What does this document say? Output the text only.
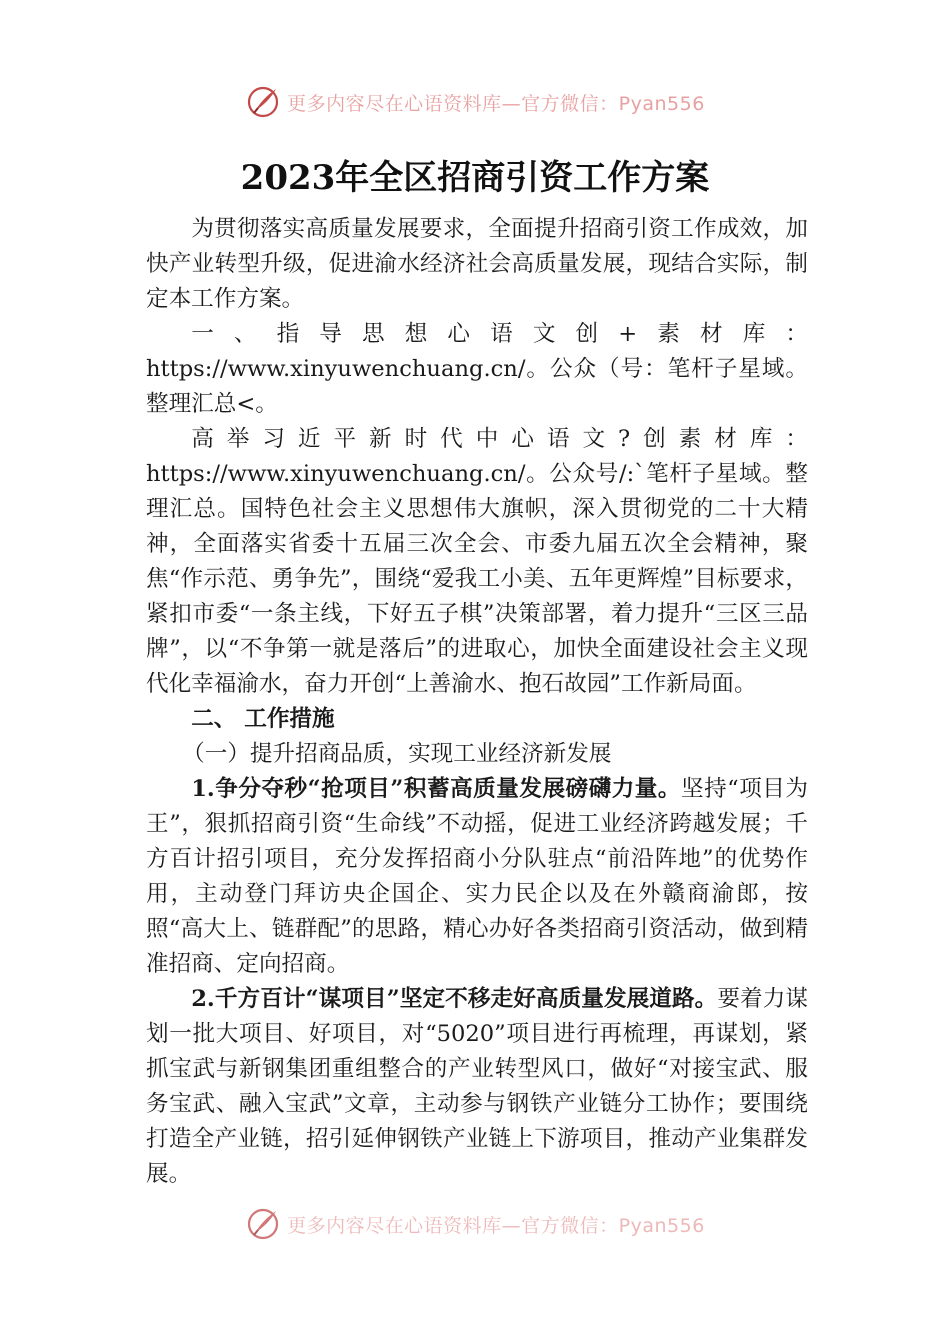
更多内容尽在心语资料库—官方微信：Pyan556
2023年全区招商引资工作方案

为贯彻落实高质量发展要求，全面提升招商引资工作成效，加快产业转型升级，促进渝水经济社会高质量发展，现结合实际，制定本工作方案。

一、指导思想心语文创+素材库：https://www.xinyuwenchuang.cn/。公众（号：笔杆子星域。整理汇总<。

高举习近平新时代中心语文?创素材库：https://www.xinyuwenchuang.cn/。公众号/:`笔杆子星域。整理汇总。国特色社会主义思想伟大旗帜，深入贯彻党的二十大精神，全面落实省委十五届三次全会、市委九届五次全会精神，聚焦“作示范、勇争先”，围绕“爱我工小美、五年更辉煌”目标要求，紧扣市委“一条主线，下好五子棋”决策部署，着力提升“三区三品牌”，以“不争第一就是落后”的进取心，加快全面建设社会主义现代化幸福渝水，奋力开创“上善渝水、抱石故园”工作新局面。

二、 工作措施

（一）提升招商品质，实现工业经济新发展

1.争分夺秒“抢项目”积蓄高质量发展磅礴力量。坚持“项目为王”，狠抓招商引资“生命线”不动摇，促进工业经济跨越发展；千方百计招引项目，充分发挥招商小分队驻点“前沿阵地”的优势作用，主动登门拜访央企国企、实力民企以及在外赣商渝郎，按照“高大上、链群配”的思路，精心办好各类招商引资活动，做到精准招商、定向招商。

2.千方百计“谋项目”坚定不移走好高质量发展道路。要着力谋划一批大项目、好项目，对“5020”项目进行再梳理，再谋划，紧抓宝武与新钢集团重组整合的产业转型风口，做好“对接宝武、服务宝武、融入宝武”文章，主动参与钢铁产业链分工协作；要围绕打造全产业链，招引延伸钢铁产业链上下游项目，推动产业集群发展。

更多内容尽在心语资料库—官方微信：Pyan556
